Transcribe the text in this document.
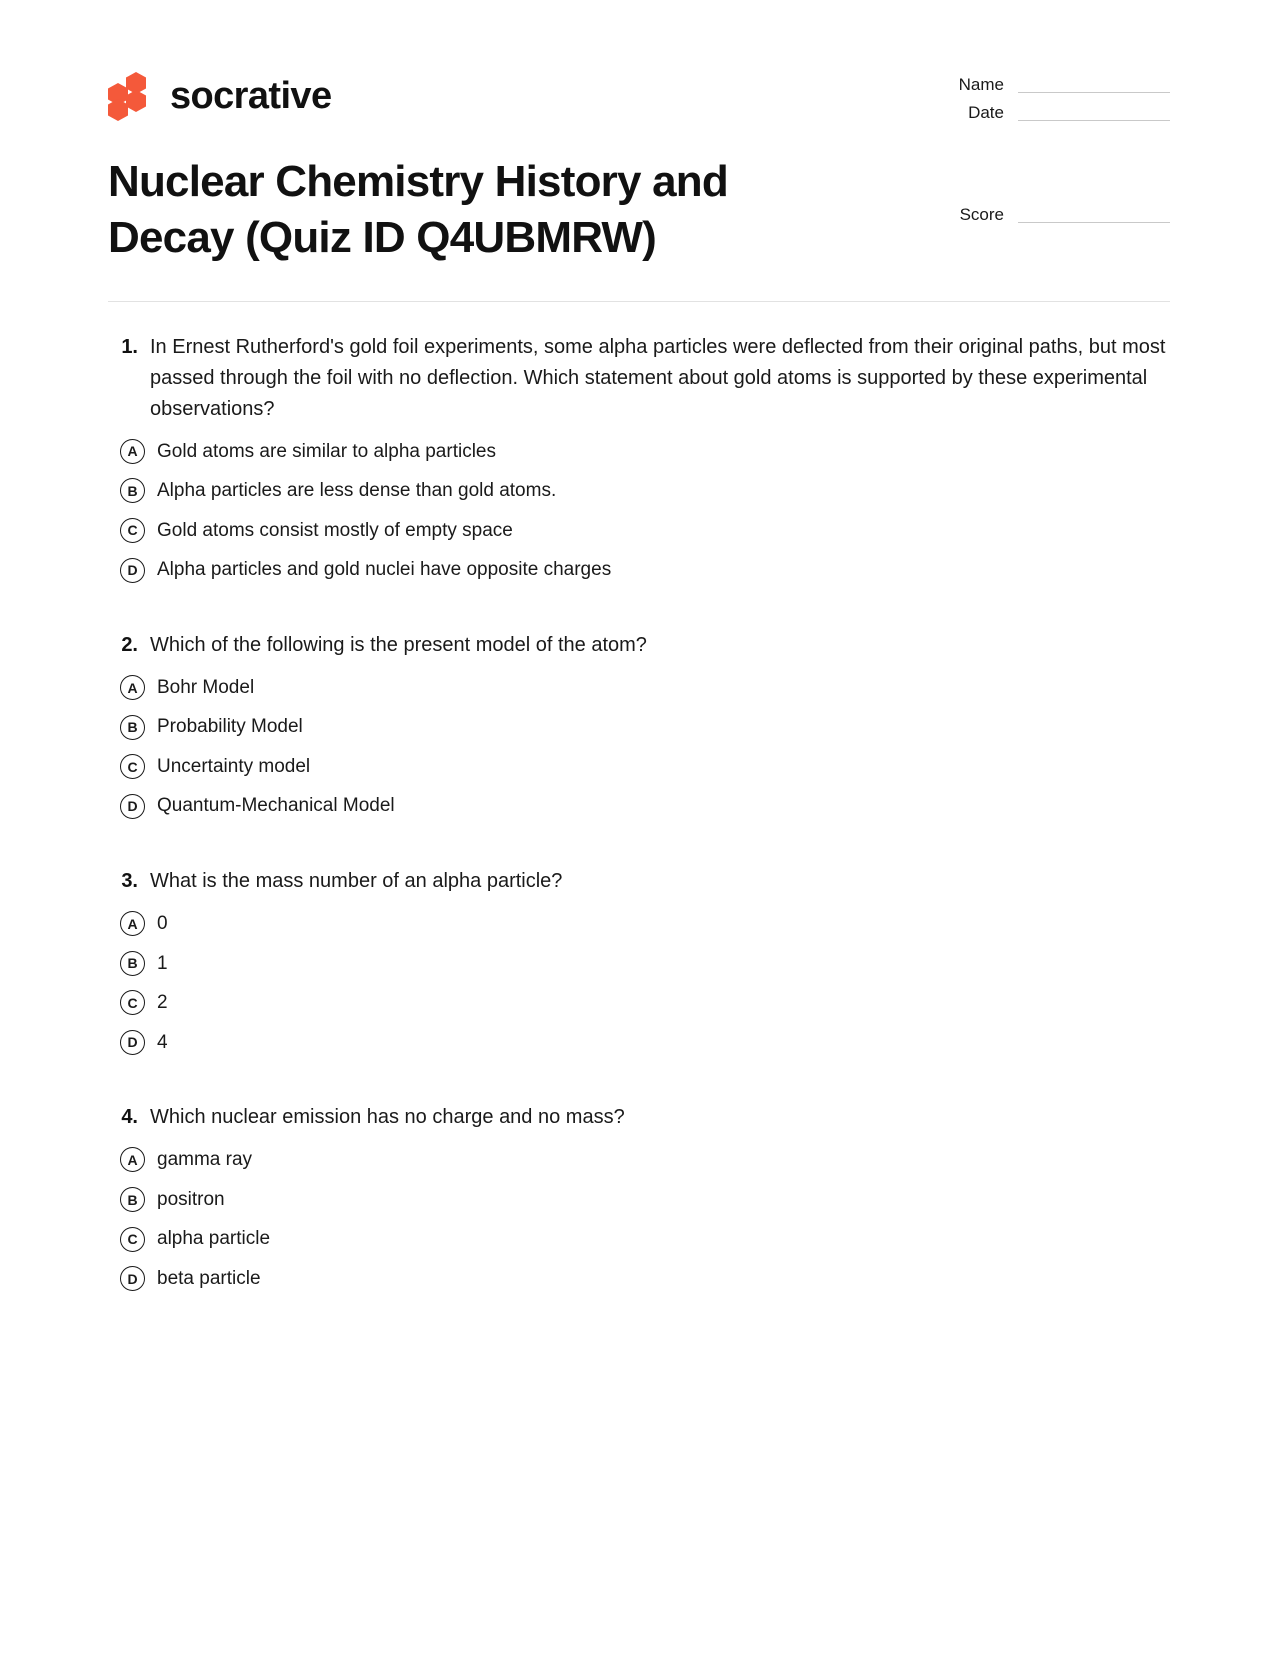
socrative	Name
Date
Nuclear Chemistry History and Decay (Quiz ID Q4UBMRW)	Score
1. In Ernest Rutherford's gold foil experiments, some alpha particles were deflected from their original paths, but most passed through the foil with no deflection. Which statement about gold atoms is supported by these experimental observations?
A	Gold atoms are similar to alpha particles
B	Alpha particles are less dense than gold atoms.
C	Gold atoms consist mostly of empty space
D	Alpha particles and gold nuclei have opposite charges
2. Which of the following is the present model of the atom?
A	Bohr Model
B	Probability Model
C	Uncertainty model
D	Quantum-Mechanical Model
3. What is the mass number of an alpha particle?
A	0
B	1
C	2
D	4
4. Which nuclear emission has no charge and no mass?
A	gamma ray
B	positron
C	alpha particle
D	beta particle
